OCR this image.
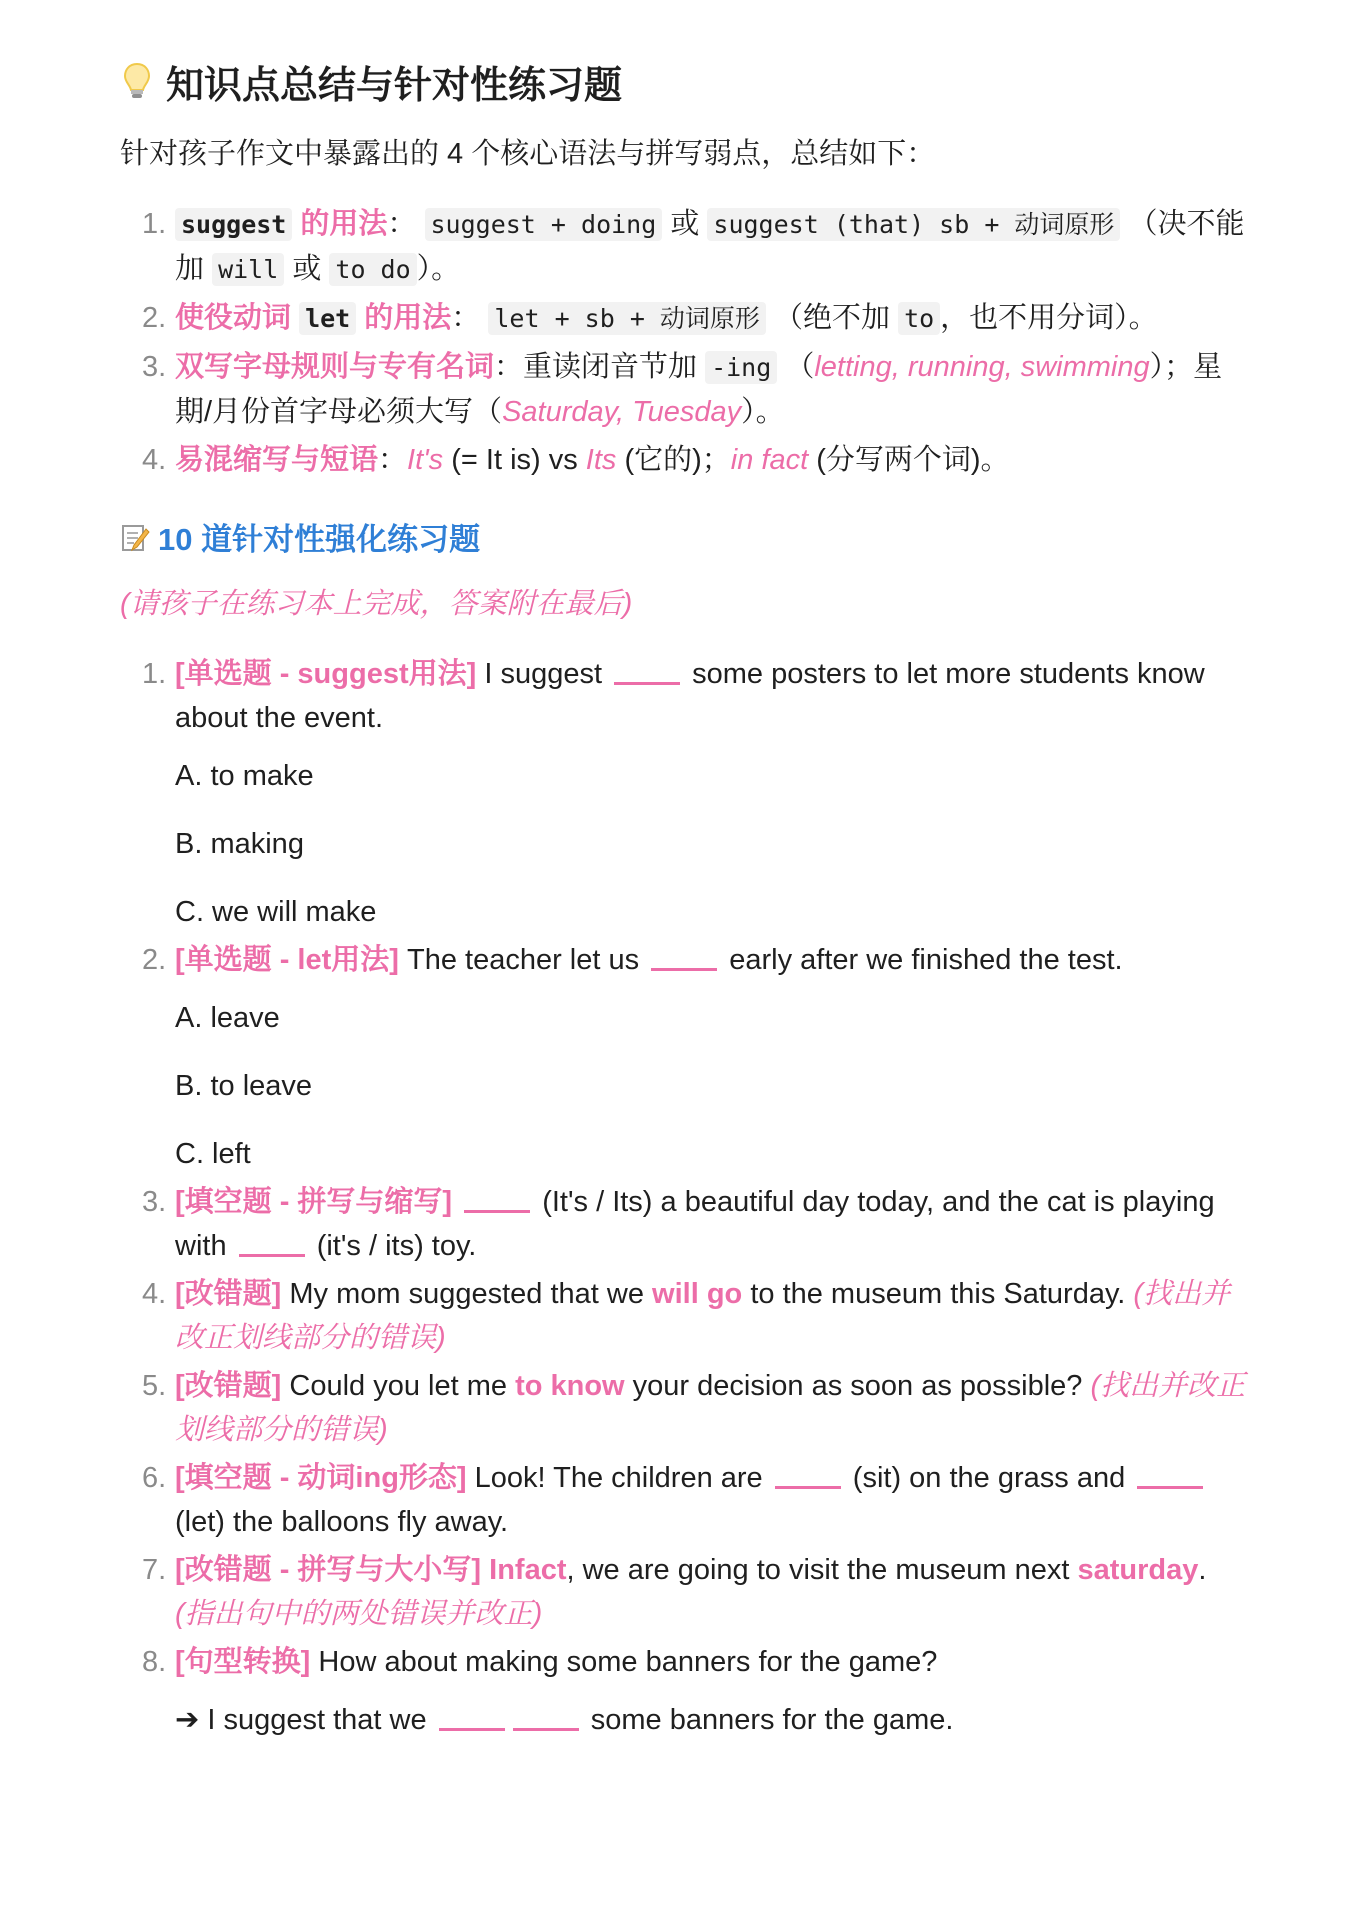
知识点总结与针对性练习题
针对孩子作文中暴露出的 4 个核心语法与拼写弱点，总结如下：
1. suggest 的用法： suggest + doing 或 suggest (that) sb + 动词原形 （决不能加 will 或 to do ）。
2. 使役动词 let 的用法： let + sb + 动词原形 （绝不加 to ，也不用分词）。
3. 双写字母规则与专有名词：重读闭音节加 -ing （letting, running, swimming）；星期/月份首字母必须大写（Saturday, Tuesday）。
4. 易混缩写与短语：It's (= It is) vs Its (它的)；in fact (分写两个词)。
10 道针对性强化练习题
(请孩子在练习本上完成，答案附在最后)
1. [单选题 - suggest用法] I suggest	some posters to let more students know about the event.
A. to make
B. making
C. we will make
2. [单选题 - let用法] The teacher let us	early after we finished the test.
A. leave
B. to leave
C. left
3. [填空题 - 拼写与缩写]	(It's / Its) a beautiful day today, and the cat is playing with	(it's / its) toy.
4. [改错题] My mom suggested that we will go to the museum this Saturday. (找出并改正划线部分的错误)
5. [改错题] Could you let me to know your decision as soon as possible? (找出并改正划线部分的错误)
6. [填空题 - 动词ing形态] Look! The children are	(sit) on the grass and  (let) the balloons fly away.
7. [改错题 - 拼写与大小写] Infact, we are going to visit the museum next saturday.
(指出句中的两处错误并改正)
8. [句型转换] How about making some banners for the game?
➔ I suggest that we	some banners for the game.
